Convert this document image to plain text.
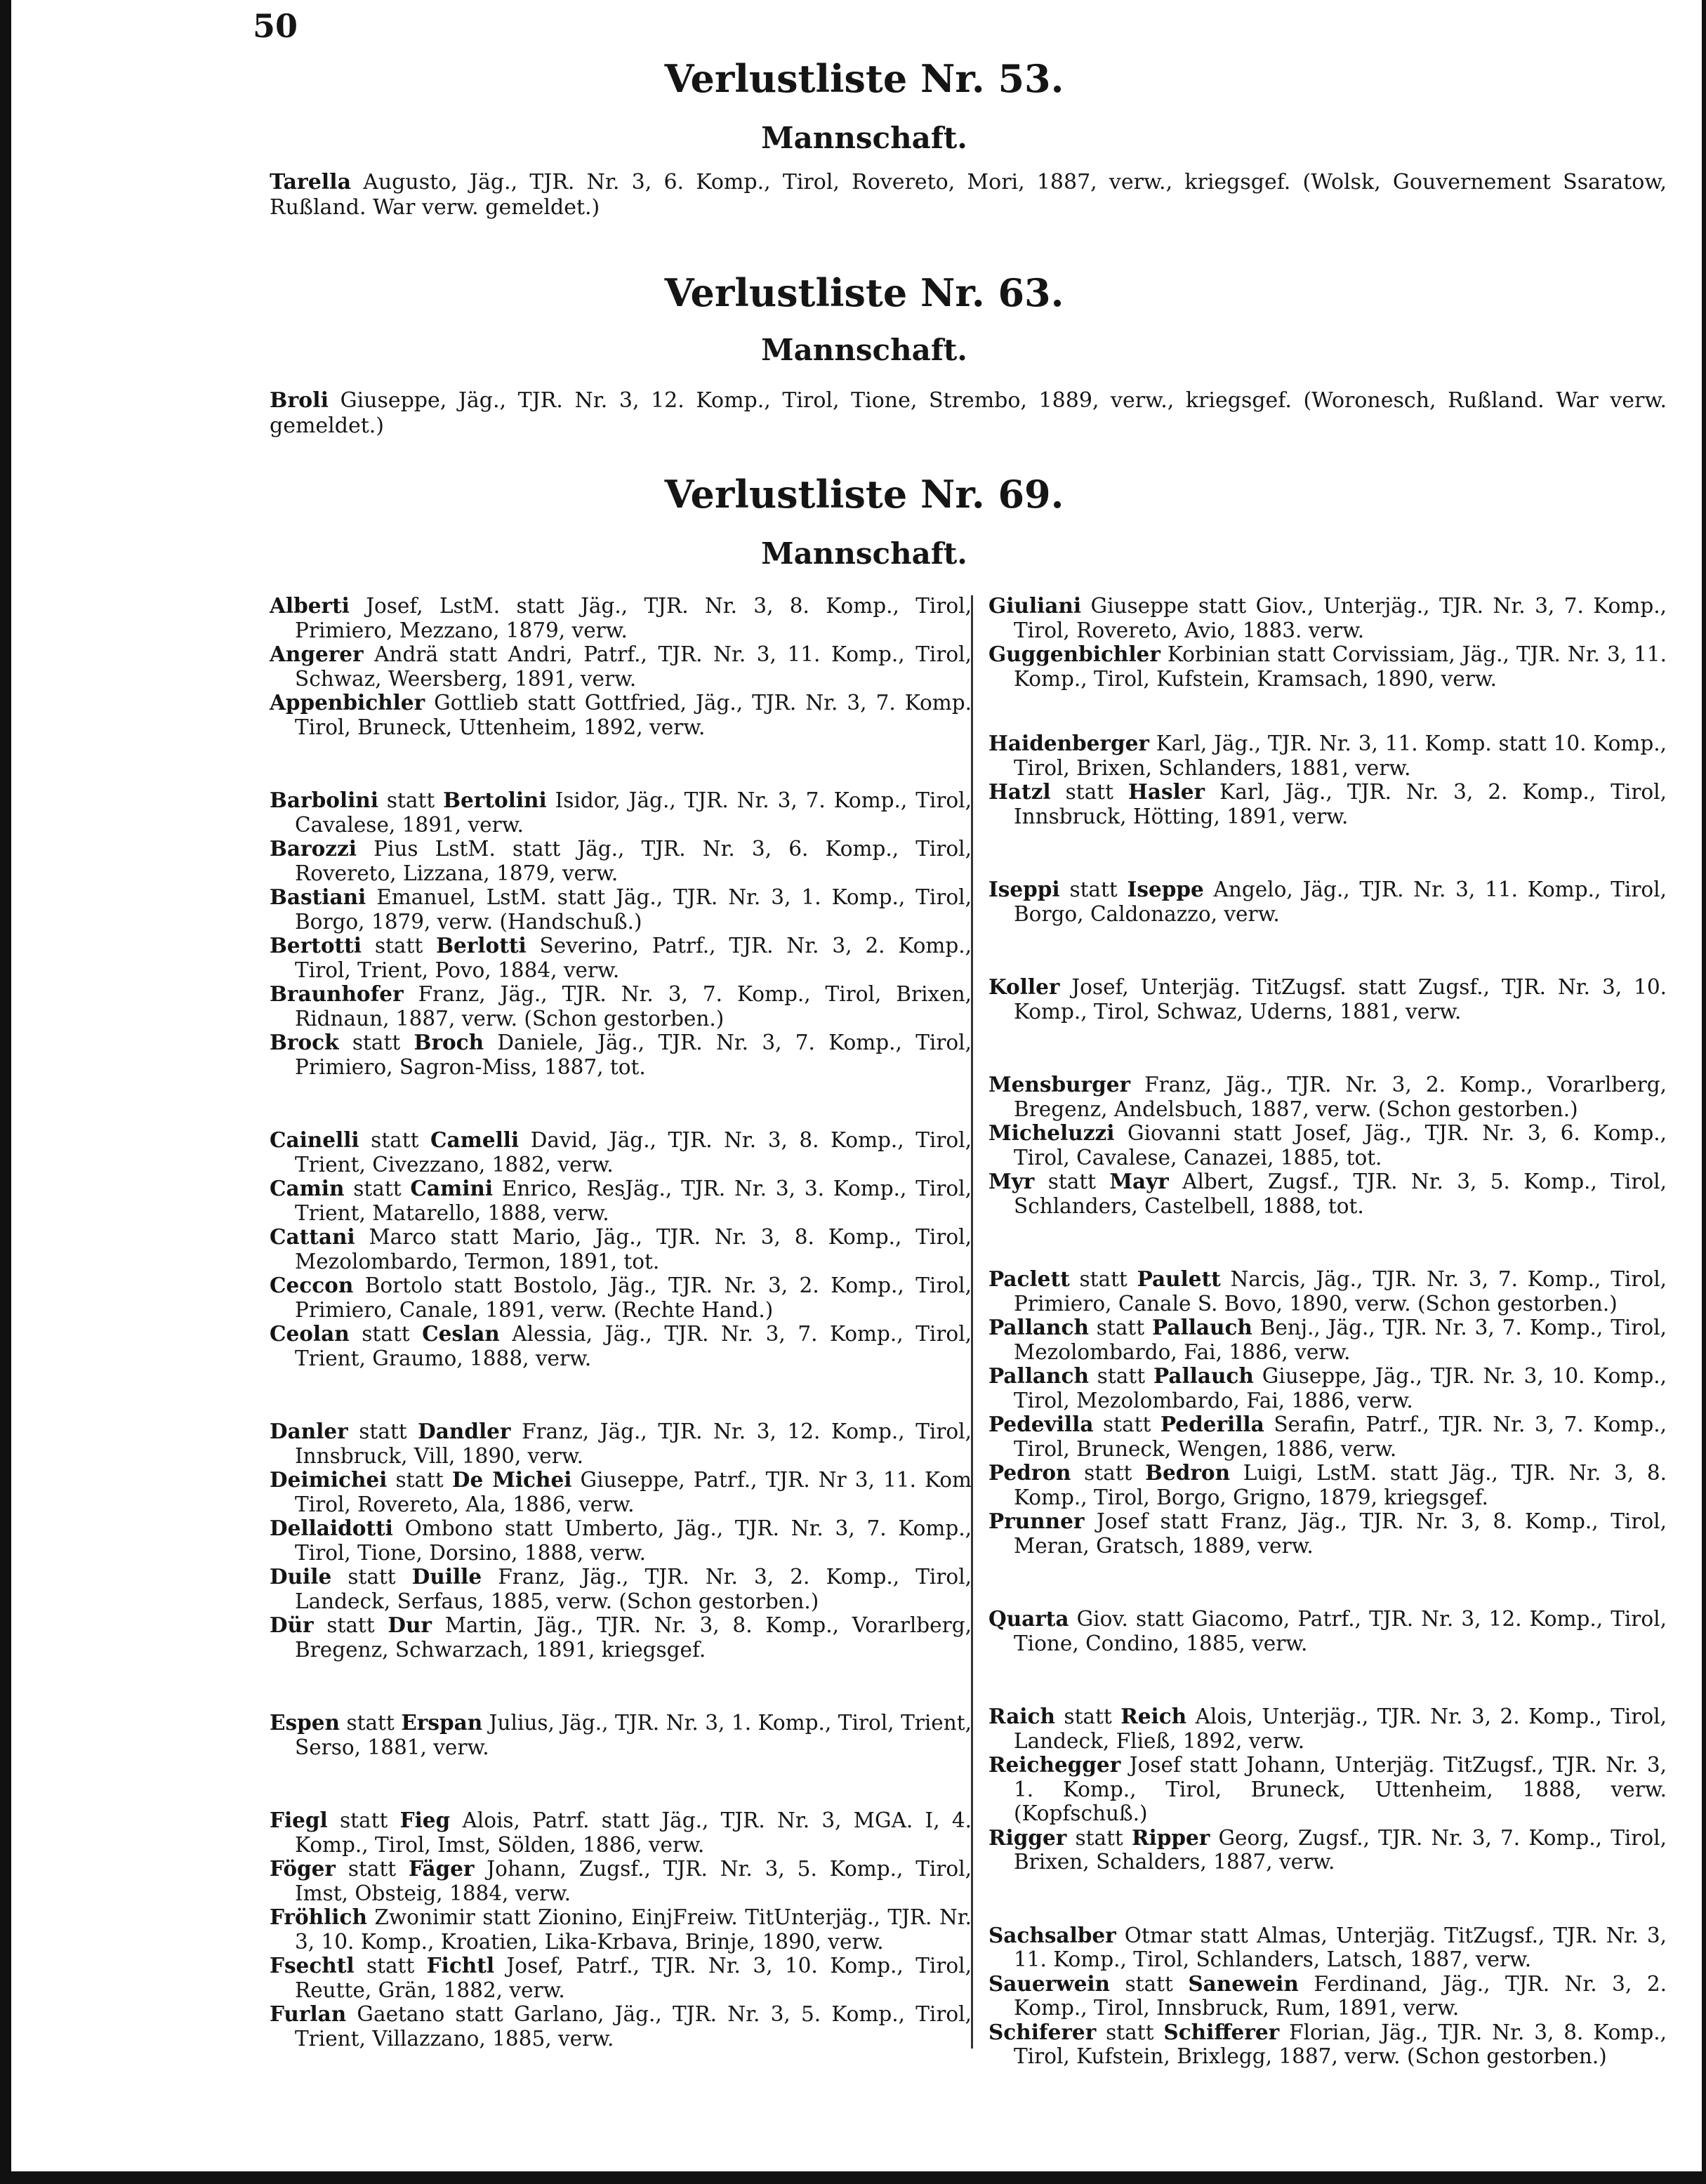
50
Verlustliste Nr. 53.
Mannschaft.
Tarella Augusto, Jäg., TJR. Nr. 3, 6. Komp., Tirol, Rovereto, Mori, 1887, verw., kriegsgef. (Wolsk, Gouvernement Ssaratow, Rußland. War verw. gemeldet.)
Verlustliste Nr. 63.
Mannschaft.
Broli Giuseppe, Jäg., TJR. Nr. 3, 12. Komp., Tirol, Tione, Strembo, 1889, verw., kriegsgef. (Woronesch, Rußland. War verw. gemeldet.)
Verlustliste Nr. 69.
Mannschaft.
Alberti Josef, LstM. statt Jäg., TJR. Nr. 3, 8. Komp., Tirol, Primiero, Mezzano, 1879, verw.
Angerer Andrä statt Andri, Patrf., TJR. Nr. 3, 11. Komp., Tirol, Schwaz, Weersberg, 1891, verw.
Appenbichler Gottlieb statt Gottfried, Jäg., TJR. Nr. 3, 7. Komp. Tirol, Bruneck, Uttenheim, 1892, verw.
Barbolini statt Bertolini Isidor, Jäg., TJR. Nr. 3, 7. Komp., Tirol, Cavalese, 1891, verw.
Barozzi Pius LstM. statt Jäg., TJR. Nr. 3, 6. Komp., Tirol, Rovereto, Lizzana, 1879, verw.
Bastiani Emanuel, LstM. statt Jäg., TJR. Nr. 3, 1. Komp., Tirol, Borgo, 1879, verw. (Handschuß.)
Bertotti statt Berlotti Severino, Patrf., TJR. Nr. 3, 2. Komp., Tirol, Trient, Povo, 1884, verw.
Braunhofer Franz, Jäg., TJR. Nr. 3, 7. Komp., Tirol, Brixen, Ridnaun, 1887, verw. (Schon gestorben.)
Brock statt Broch Daniele, Jäg., TJR. Nr. 3, 7. Komp., Tirol, Primiero, Sagron-Miss, 1887, tot.
Cainelli statt Camelli David, Jäg., TJR. Nr. 3, 8. Komp., Tirol, Trient, Civezzano, 1882, verw.
Camin statt Camini Enrico, ResJäg., TJR. Nr. 3, 3. Komp., Tirol, Trient, Matarello, 1888, verw.
Cattani Marco statt Mario, Jäg., TJR. Nr. 3, 8. Komp., Tirol, Mezolombardo, Termon, 1891, tot.
Ceccon Bortolo statt Bostolo, Jäg., TJR. Nr. 3, 2. Komp., Tirol, Primiero, Canale, 1891, verw. (Rechte Hand.)
Ceolan statt Ceslan Alessia, Jäg., TJR. Nr. 3, 7. Komp., Tirol, Trient, Graumo, 1888, verw.
Danler statt Dandler Franz, Jäg., TJR. Nr. 3, 12. Komp., Tirol, Innsbruck, Vill, 1890, verw.
Deimichei statt De Michei Giuseppe, Patrf., TJR. Nr 3, 11. Kom Tirol, Rovereto, Ala, 1886, verw.
Dellaidotti Ombono statt Umberto, Jäg., TJR. Nr. 3, 7. Komp., Tirol, Tione, Dorsino, 1888, verw.
Duile statt Duille Franz, Jäg., TJR. Nr. 3, 2. Komp., Tirol, Landeck, Serfaus, 1885, verw. (Schon gestorben.)
Dür statt Dur Martin, Jäg., TJR. Nr. 3, 8. Komp., Vorarlberg, Bregenz, Schwarzach, 1891, kriegsgef.
Espen statt Erspan Julius, Jäg., TJR. Nr. 3, 1. Komp., Tirol, Trient, Serso, 1881, verw.
Fiegl statt Fieg Alois, Patrf. statt Jäg., TJR. Nr. 3, MGA. I, 4. Komp., Tirol, Imst, Sölden, 1886, verw.
Föger statt Fäger Johann, Zugsf., TJR. Nr. 3, 5. Komp., Tirol, Imst, Obsteig, 1884, verw.
Fröhlich Zwonimir statt Zionino, EinjFreiw. TitUnterjäg., TJR. Nr. 3, 10. Komp., Kroatien, Lika-Krbava, Brinje, 1890, verw.
Fsechtl statt Fichtl Josef, Patrf., TJR. Nr. 3, 10. Komp., Tirol, Reutte, Grän, 1882, verw.
Furlan Gaetano statt Garlano, Jäg., TJR. Nr. 3, 5. Komp., Tirol, Trient, Villazzano, 1885, verw.
Giuliani Giuseppe statt Giov., Unterjäg., TJR. Nr. 3, 7. Komp., Tirol, Rovereto, Avio, 1883. verw.
Guggenbichler Korbinian statt Corvissiam, Jäg., TJR. Nr. 3, 11. Komp., Tirol, Kufstein, Kramsach, 1890, verw.
Haidenberger Karl, Jäg., TJR. Nr. 3, 11. Komp. statt 10. Komp., Tirol, Brixen, Schlanders, 1881, verw.
Hatzl statt Hasler Karl, Jäg., TJR. Nr. 3, 2. Komp., Tirol, Innsbruck, Hötting, 1891, verw.
Iseppi statt Iseppe Angelo, Jäg., TJR. Nr. 3, 11. Komp., Tirol, Borgo, Caldonazzo, verw.
Koller Josef, Unterjäg. TitZugsf. statt Zugsf., TJR. Nr. 3, 10. Komp., Tirol, Schwaz, Uderns, 1881, verw.
Mensburger Franz, Jäg., TJR. Nr. 3, 2. Komp., Vorarlberg, Bregenz, Andelsbuch, 1887, verw. (Schon gestorben.)
Micheluzzi Giovanni statt Josef, Jäg., TJR. Nr. 3, 6. Komp., Tirol, Cavalese, Canazei, 1885, tot.
Myr statt Mayr Albert, Zugsf., TJR. Nr. 3, 5. Komp., Tirol, Schlanders, Castelbell, 1888, tot.
Paclett statt Paulett Narcis, Jäg., TJR. Nr. 3, 7. Komp., Tirol, Primiero, Canale S. Bovo, 1890, verw. (Schon gestorben.)
Pallanch statt Pallauch Benj., Jäg., TJR. Nr. 3, 7. Komp., Tirol, Mezolombardo, Fai, 1886, verw.
Pallanch statt Pallauch Giuseppe, Jäg., TJR. Nr. 3, 10. Komp., Tirol, Mezolombardo, Fai, 1886, verw.
Pedevilla statt Pederilla Serafin, Patrf., TJR. Nr. 3, 7. Komp., Tirol, Bruneck, Wengen, 1886, verw.
Pedron statt Bedron Luigi, LstM. statt Jäg., TJR. Nr. 3, 8. Komp., Tirol, Borgo, Grigno, 1879, kriegsgef.
Prunner Josef statt Franz, Jäg., TJR. Nr. 3, 8. Komp., Tirol, Meran, Gratsch, 1889, verw.
Quarta Giov. statt Giacomo, Patrf., TJR. Nr. 3, 12. Komp., Tirol, Tione, Condino, 1885, verw.
Raich statt Reich Alois, Unterjäg., TJR. Nr. 3, 2. Komp., Tirol, Landeck, Fließ, 1892, verw.
Reichegger Josef statt Johann, Unterjäg. TitZugsf., TJR. Nr. 3, 1. Komp., Tirol, Bruneck, Uttenheim, 1888, verw. (Kopfschuß.)
Rigger statt Ripper Georg, Zugsf., TJR. Nr. 3, 7. Komp., Tirol, Brixen, Schalders, 1887, verw.
Sachsalber Otmar statt Almas, Unterjäg. TitZugsf., TJR. Nr. 3, 11. Komp., Tirol, Schlanders, Latsch, 1887, verw.
Sauerwein statt Sanewein Ferdinand, Jäg., TJR. Nr. 3, 2. Komp., Tirol, Innsbruck, Rum, 1891, verw.
Schiferer statt Schifferer Florian, Jäg., TJR. Nr. 3, 8. Komp., Tirol, Kufstein, Brixlegg, 1887, verw. (Schon gestorben.)
